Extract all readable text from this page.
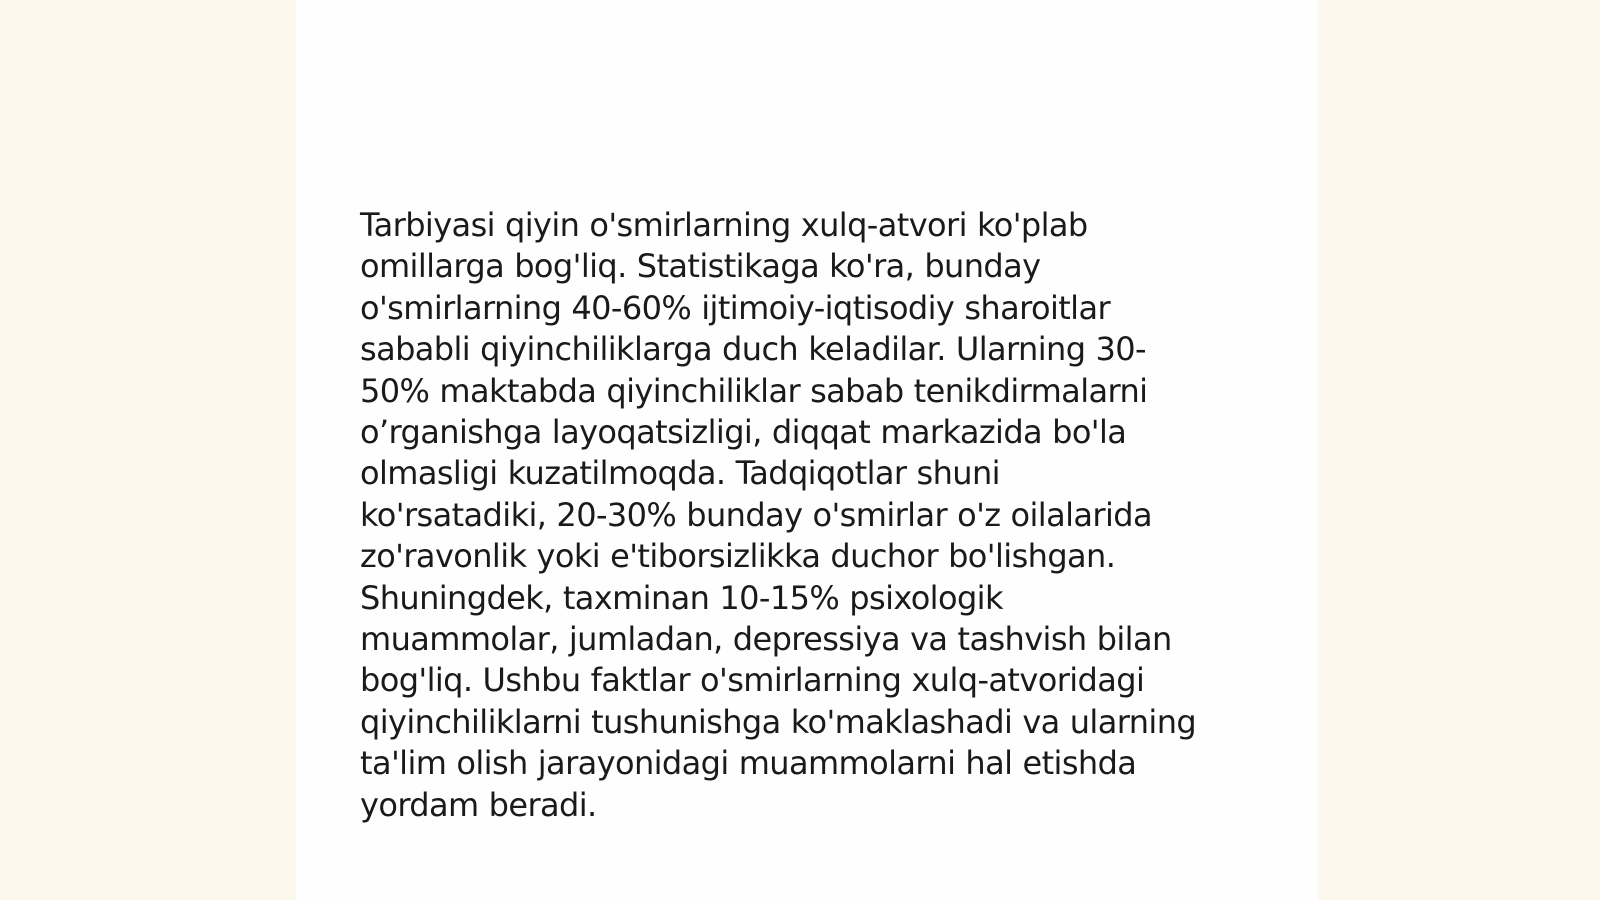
Tarbiyasi qiyin o'smirlarning xulq-atvori ko'plab
omillarga bog'liq. Statistikaga ko'ra, bunday
o'smirlarning 40-60% ijtimoiy-iqtisodiy sharoitlar
sababli qiyinchiliklarga duch keladilar. Ularning 30-
50% maktabda qiyinchiliklar sabab tenikdirmalarni
o’rganishga layoqatsizligi, diqqat markazida bo'la
olmasligi kuzatilmoqda. Tadqiqotlar shuni
ko'rsatadiki, 20-30% bunday o'smirlar o'z oilalarida
zo'ravonlik yoki e'tiborsizlikka duchor bo'lishgan.
Shuningdek, taxminan 10-15% psixologik
muammolar, jumladan, depressiya va tashvish bilan
bog'liq. Ushbu faktlar o'smirlarning xulq-atvoridagi
qiyinchiliklarni tushunishga ko'maklashadi va ularning
ta'lim olish jarayonidagi muammolarni hal etishda
yordam beradi.
